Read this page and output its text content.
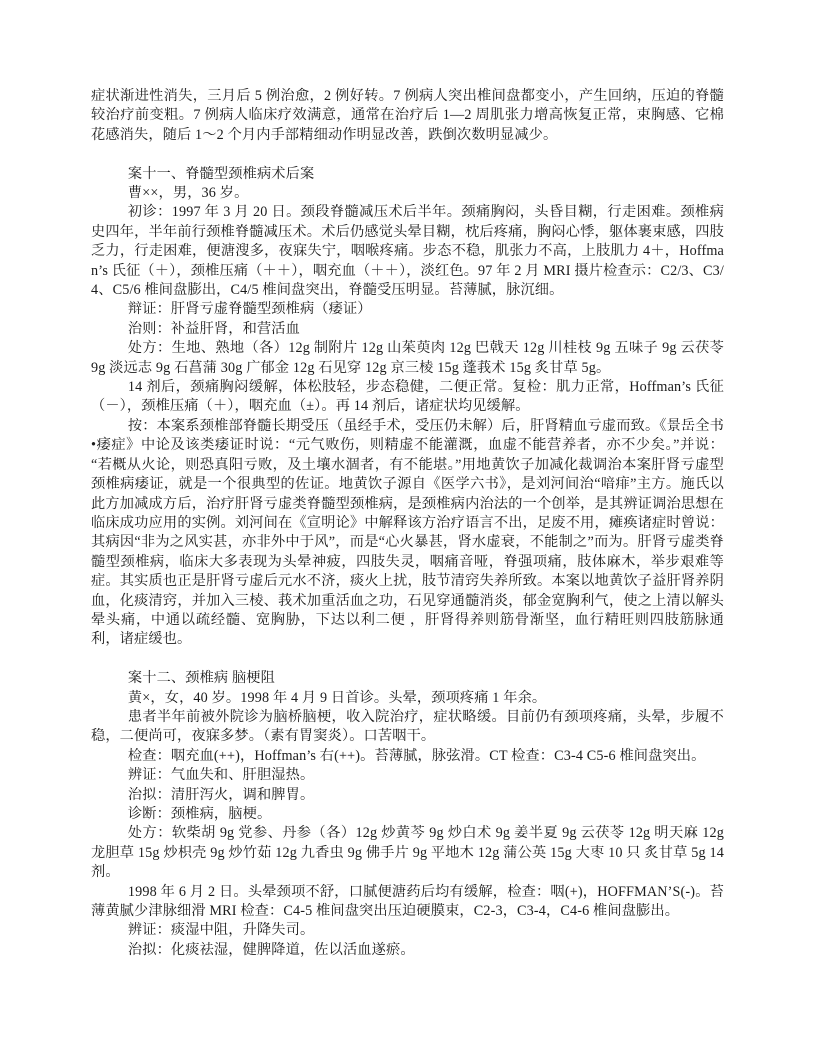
症状渐进性消失，三月后 5 例治愈，2 例好转。7 例病人突出椎间盘都变小，产生回纳，压迫的脊髓较治疗前变粗。7 例病人临床疗效满意，通常在治疗后 1—2 周肌张力增高恢复正常，束胸感、它棉花感消失，随后 1～2 个月内手部精细动作明显改善，跌倒次数明显减少。

案十一、脊髓型颈椎病术后案

曹××，男，36 岁。

初诊：1997 年 3 月 20 日。颈段脊髓减压术后半年。颈痛胸闷，头昏目糊，行走困难。颈椎病史四年，半年前行颈椎脊髓减压术。术后仍感觉头晕目糊，枕后疼痛，胸闷心悸，躯体裹束感，四肢乏力，行走困难，便溏溲多，夜寐失宁，咽喉疼痛。步态不稳，肌张力不高，上肢肌力 4＋，Hoffman’s 氏征（＋），颈椎压痛（＋＋），咽充血（＋＋），淡红色。97 年 2 月 MRI 摄片检查示：C2/3、C3/4、C5/6 椎间盘膨出，C4/5 椎间盘突出，脊髓受压明显。苔薄腻，脉沉细。

辩证：肝肾亏虚脊髓型颈椎病（痿证）

治则：补益肝肾，和营活血

处方：生地、熟地（各）12g 制附片 12g 山茱萸肉 12g 巴戟天 12g 川桂枝 9g 五味子 9g 云茯苓 9g 淡远志 9g 石菖蒲 30g 广郁金 12g 石见穿 12g 京三棱 15g 蓬莪术 15g 炙甘草 5g。

14 剂后，颈痛胸闷缓解，体松肢轻，步态稳健，二便正常。复检：肌力正常，Hoffman’s 氏征（－），颈椎压痛（＋），咽充血（±）。再 14 剂后，诸症状均见缓解。

按：本案系颈椎部脊髓长期受压（虽经手术，受压仍未解）后，肝肾精血亏虚而致。《景岳全书•痿症》中论及该类痿证时说：“元气败伤，则精虚不能灌溉，血虚不能营养者，亦不少矣。”并说：“若概从火论，则恐真阳亏败，及土壤水涸者，有不能堪。”用地黄饮子加减化裁调治本案肝肾亏虚型颈椎病痿证，就是一个很典型的佐证。地黄饮子源自《医学六书》，是刘河间治“喑痱”主方。施氏以此方加减成方后，治疗肝肾亏虚类脊髓型颈椎病，是颈椎病内治法的一个创举，是其辨证调治思想在临床成功应用的实例。刘河间在《宣明论》中解释该方治疗语言不出，足废不用，瘫痪诸症时曾说：其病因“非为之风实甚，亦非外中于风”，而是“心火暴甚，肾水虚衰，不能制之”而为。肝肾亏虚类脊髓型颈椎病，临床大多表现为头晕神疲，四肢失灵，咽痛音哑，脊强项痛，肢体麻木，举步艰难等症。其实质也正是肝肾亏虚后元水不济，痰火上扰，肢节清窍失养所致。本案以地黄饮子益肝肾养阴血，化痰清窍，并加入三棱、莪术加重活血之功，石见穿通髓消炎，郁金宽胸利气，使之上清以解头晕头痛，中通以疏经髓、宽胸胁，下达以利二便 ，肝肾得养则筋骨渐坚，血行精旺则四肢筋脉通利，诸症缓也。

案十二、颈椎病 脑梗阻

黄×，女，40 岁。1998 年 4 月 9 日首诊。头晕，颈项疼痛 1 年余。

患者半年前被外院诊为脑桥脑梗，收入院治疗，症状略缓。目前仍有颈项疼痛，头晕，步履不稳，二便尚可，夜寐多梦。（素有胃窦炎）。口苦咽干。

检查：咽充血(++)，Hoffman’s 右(++)。苔薄腻，脉弦滑。CT 检查：C3-4 C5-6 椎间盘突出。

辨证：气血失和、肝胆湿热。

治拟：清肝泻火，调和脾胃。

诊断：颈椎病，脑梗。

处方：软柴胡 9g 党参、丹参（各）12g 炒黄芩 9g 炒白术 9g 姜半夏 9g 云茯苓 12g 明天麻 12g 龙胆草 15g 炒枳壳 9g 炒竹茹 12g 九香虫 9g 佛手片 9g 平地木 12g 蒲公英 15g 大枣 10 只 炙甘草 5g 14 剂。

1998 年 6 月 2 日。头晕颈项不舒，口腻便溏药后均有缓解，检查：咽(+)，HOFFMAN’S(-)。苔薄黄腻少津脉细滑 MRI 检查：C4-5 椎间盘突出压迫硬膜束，C2-3，C3-4，C4-6 椎间盘膨出。

辨证：痰湿中阻，升降失司。

治拟：化痰祛湿，健脾降道，佐以活血遂瘀。
